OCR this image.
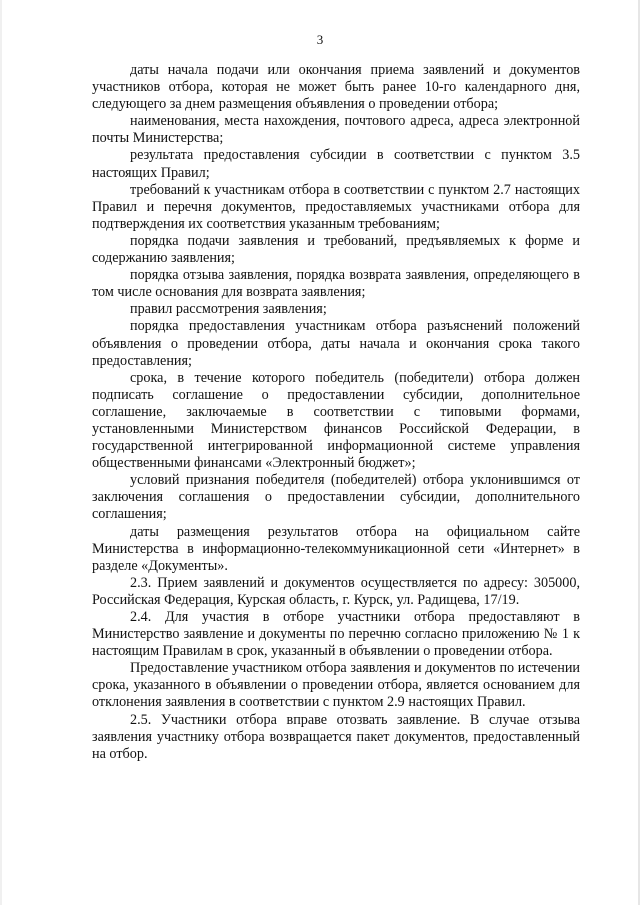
3

даты начала подачи или окончания приема заявлений и документов участников отбора, которая не может быть ранее 10-го календарного дня, следующего за днем размещения объявления о проведении отбора;

наименования, места нахождения, почтового адреса, адреса электронной почты Министерства;

результата предоставления субсидии в соответствии с пунктом 3.5 настоящих Правил;

требований к участникам отбора в соответствии с пунктом 2.7 настоящих Правил и перечня документов, предоставляемых участниками отбора для подтверждения их соответствия указанным требованиям;

порядка подачи заявления и требований, предъявляемых к форме и содержанию заявления;

порядка отзыва заявления, порядка возврата заявления, определяющего в том числе основания для возврата заявления;

правил рассмотрения заявления;

порядка предоставления участникам отбора разъяснений положений объявления о проведении отбора, даты начала и окончания срока такого предоставления;

срока, в течение которого победитель (победители) отбора должен подписать соглашение о предоставлении субсидии, дополнительное соглашение, заключаемые в соответствии с типовыми формами, установленными Министерством финансов Российской Федерации, в государственной интегрированной информационной системе управления общественными финансами «Электронный бюджет»;

условий признания победителя (победителей) отбора уклонившимся от заключения соглашения о предоставлении субсидии, дополнительного соглашения;

даты размещения результатов отбора на официальном сайте Министерства в информационно-телекоммуникационной сети «Интернет» в разделе «Документы».

2.3. Прием заявлений и документов осуществляется по адресу: 305000, Российская Федерация, Курская область, г. Курск, ул. Радищева, 17/19.

2.4. Для участия в отборе участники отбора предоставляют в Министерство заявление и документы по перечню согласно приложению № 1 к настоящим Правилам в срок, указанный в объявлении о проведении отбора.

Предоставление участником отбора заявления и документов по истечении срока, указанного в объявлении о проведении отбора, является основанием для отклонения заявления в соответствии с пунктом 2.9 настоящих Правил.

2.5. Участники отбора вправе отозвать заявление. В случае отзыва заявления участнику отбора возвращается пакет документов, предоставленный на отбор.
